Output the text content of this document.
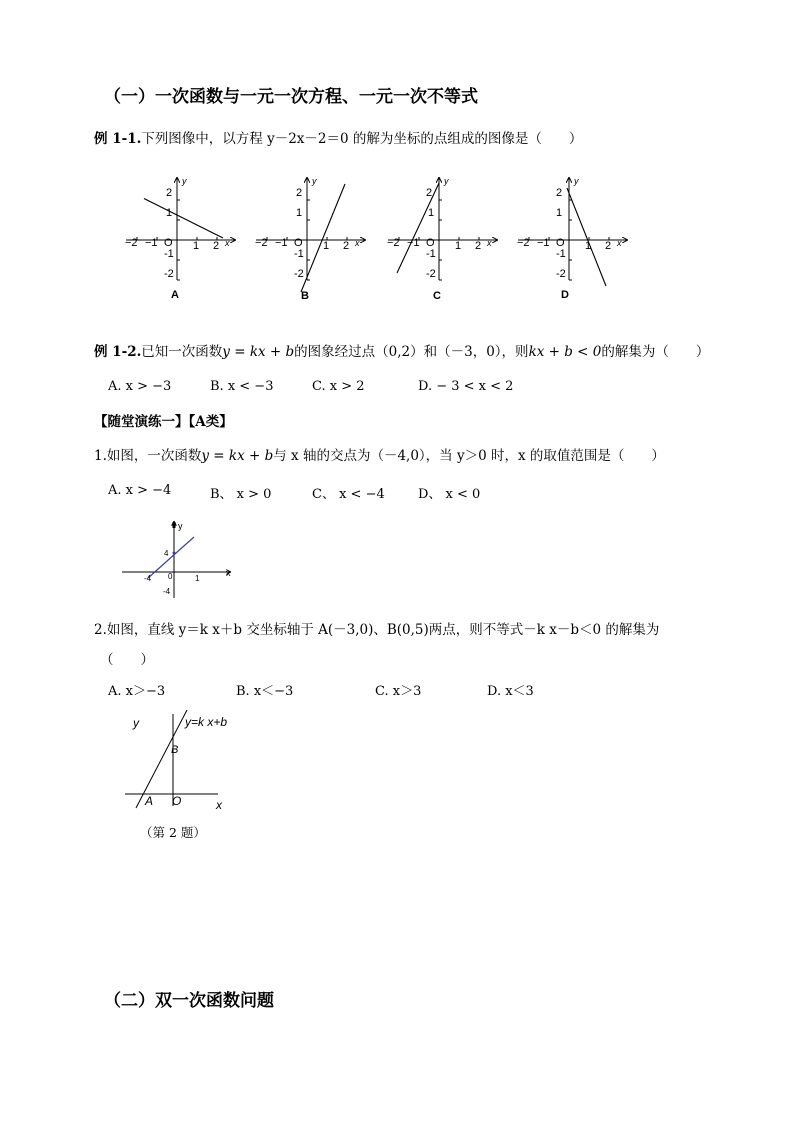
（一）一次函数与一元一次方程、一元一次不等式
例 1-1.下列图像中，以方程 y－2x－2＝0 的解为坐标的点组成的图像是（　　）
−2 −1 O 1 2
2
1
-1
-2
x
y
A
−2 −1 O 1 2
2
1
-1
-2
x
y
B
−2 −1 O 1 2
2
1
-1
-2
x
y
C
−2 −1 O 1 2
2
1
-1
-2
x
y
D
例 1-2.已知一次函数y = kx + b的图象经过点（0,2）和（－3，0），则kx + b < 0的解集为（　　）
A. x > −3	B. x < −3	C. x > 2	D. − 3 < x < 2
【随堂演练一】【A类】
1.如图，一次函数y = kx + b与 x 轴的交点为（－4,0），当 y＞0 时，x 的取值范围是（　　）
A. x > −4	B、 x > 0	C、 x < −4	D、 x < 0
-4 0	1
4
-4
x
y
2.如图，直线 y＝k x＋b 交坐标轴于 A(－3,0)、B(0,5)两点，则不等式－k x－b＜0 的解集为
（　　）
A. x＞−3	B. x＜−3	C. x＞3	D. x＜3
y	y=k x+b
B
A O	x
（第 2 题）
（二）双一次函数问题
